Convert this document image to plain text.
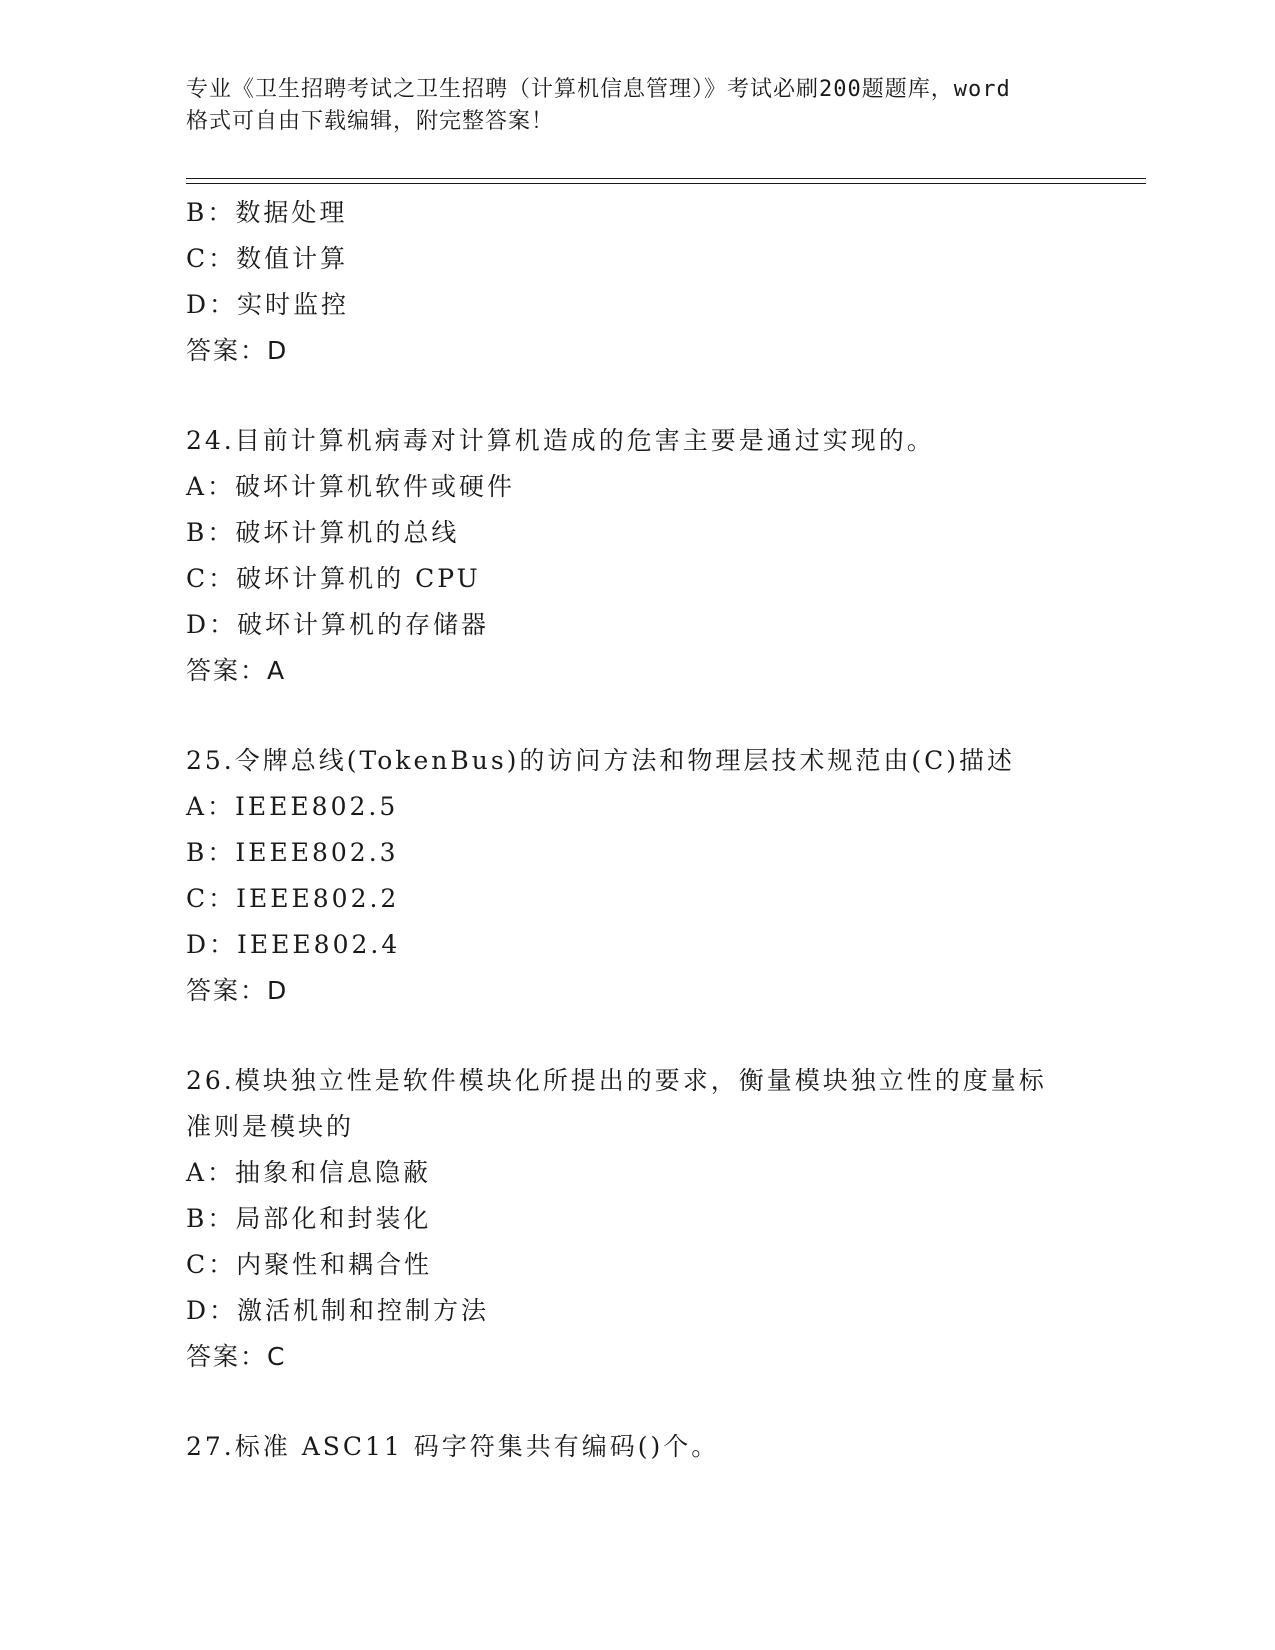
专业《卫生招聘考试之卫生招聘（计算机信息管理）》考试必刷200题题库，word
格式可自由下载编辑，附完整答案！
B：数据处理
C：数值计算
D：实时监控
答案：D
24.目前计算机病毒对计算机造成的危害主要是通过实现的。
A：破坏计算机软件或硬件
B：破坏计算机的总线
C：破坏计算机的 CPU
D：破坏计算机的存储器
答案：A
25.令牌总线(TokenBus)的访问方法和物理层技术规范由(C)描述
A：IEEE802.5
B：IEEE802.3
C：IEEE802.2
D：IEEE802.4
答案：D
26.模块独立性是软件模块化所提出的要求，衡量模块独立性的度量标
准则是模块的
A：抽象和信息隐蔽
B：局部化和封装化
C：内聚性和耦合性
D：激活机制和控制方法
答案：C
27.标准 ASC11 码字符集共有编码()个。
